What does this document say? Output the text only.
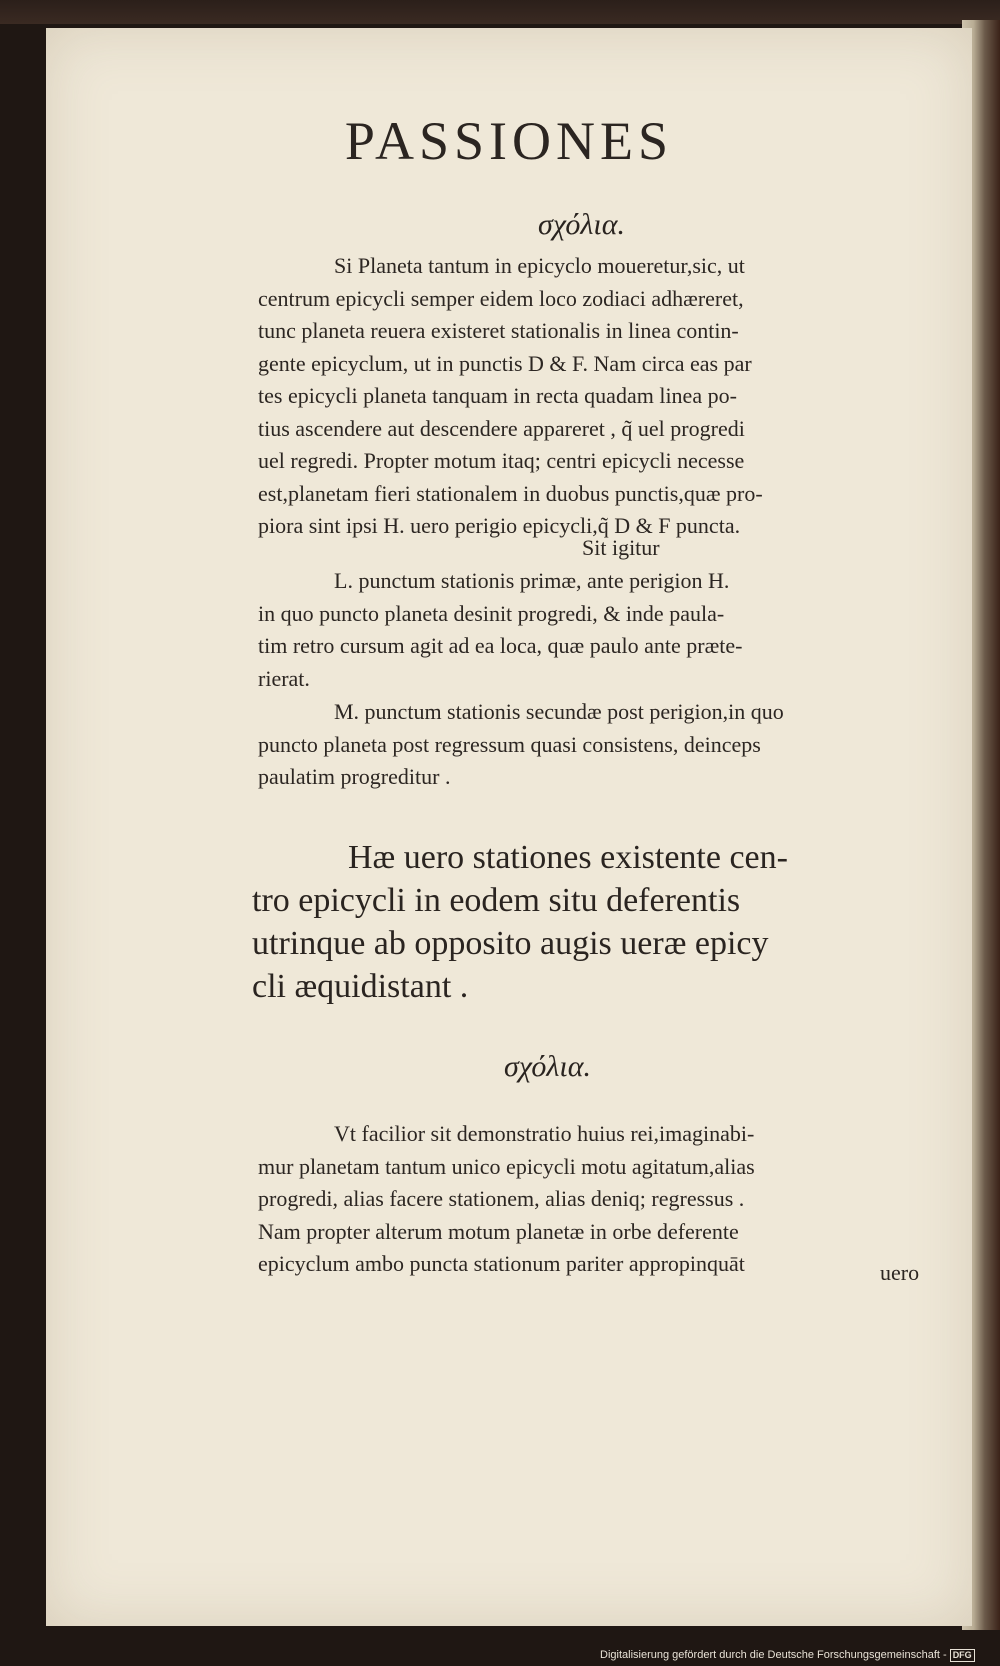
PASSIONES
σχόλια.
Si Planeta tantum in epicyclo moueretur,sic, ut
centrum epicycli semper eidem loco zodiaci adhæreret,
tunc planeta reuera existeret stationalis in linea contin-
gente epicyclum, ut in punctis D & F. Nam circa eas par
tes epicycli planeta tanquam in recta quadam linea po-
tius ascendere aut descendere appareret , q̃ uel progredi
uel regredi. Propter motum itaq; centri epicycli necesse
est,planetam fieri stationalem in duobus punctis,quæ pro-
piora sint ipsi H. uero perigio epicycli,q̃ D & F puncta.
Sit igitur
L. punctum stationis primæ, ante perigion H.
in quo puncto planeta desinit progredi, & inde paula-
tim retro cursum agit ad ea loca, quæ paulo ante præte-
rierat.
M. punctum stationis secundæ post perigion,in quo
puncto planeta post regressum quasi consistens, deinceps
paulatim progreditur .
Hæ uero stationes existente cen-
tro epicycli in eodem situ deferentis
utrinque ab opposito augis ueræ epicy
cli æquidistant .
σχόλια.
Vt facilior sit demonstratio huius rei,imaginabi-
mur planetam tantum unico epicycli motu agitatum,alias
progredi, alias facere stationem, alias deniq; regressus .
Nam propter alterum motum planetæ in orbe deferente
epicyclum ambo puncta stationum pariter appropinquāt	uero
Digitalisierung gefördert durch die Deutsche Forschungsgemeinschaft - DFG
